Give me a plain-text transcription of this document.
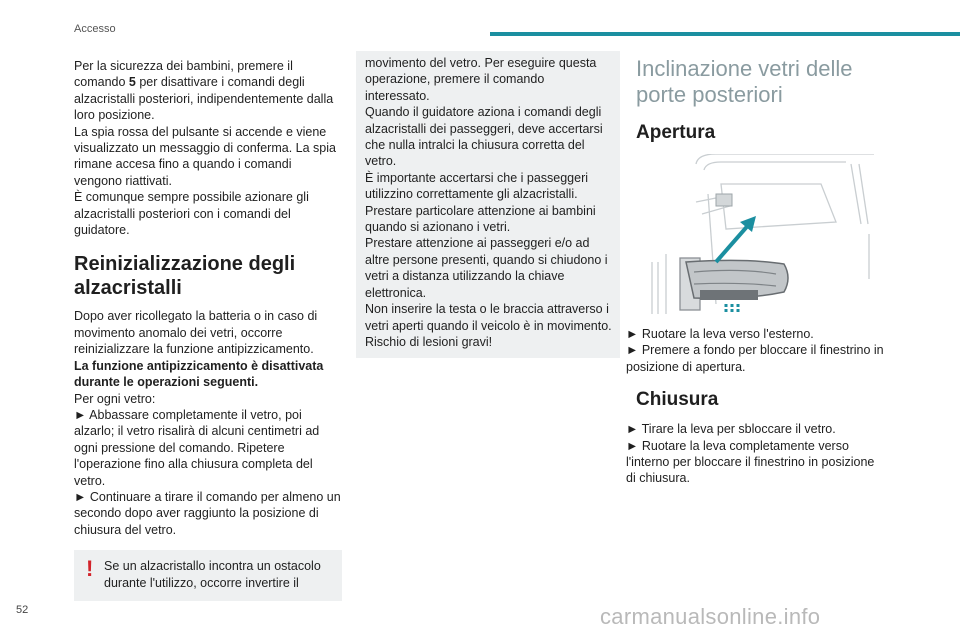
Accesso

Per la sicurezza dei bambini, premere il comando 5 per disattivare i comandi degli alzacristalli posteriori, indipendentemente dalla loro posizione.

La spia rossa del pulsante si accende e viene visualizzato un messaggio di conferma. La spia rimane accesa fino a quando i comandi vengono riattivati.

È comunque sempre possibile azionare gli alzacristalli posteriori con i comandi del guidatore.

Reinizializzazione degli alzacristalli

Dopo aver ricollegato la batteria o in caso di movimento anomalo dei vetri, occorre reinizializzare la funzione antipizzicamento.

La funzione antipizzicamento è disattivata durante le operazioni seguenti.

Per ogni vetro:

► Abbassare completamente il vetro, poi alzarlo; il vetro risalirà di alcuni centimetri ad ogni pressione del comando. Ripetere l'operazione fino alla chiusura completa del vetro.

► Continuare a tirare il comando per almeno un secondo dopo aver raggiunto la posizione di chiusura del vetro.

! Se un alzacristallo incontra un ostacolo durante l'utilizzo, occorre invertire il

movimento del vetro. Per eseguire questa operazione, premere il comando interessato.

Quando il guidatore aziona i comandi degli alzacristalli dei passeggeri, deve accertarsi che nulla intralci la chiusura corretta del vetro.

È importante accertarsi che i passeggeri utilizzino correttamente gli alzacristalli.

Prestare particolare attenzione ai bambini quando si azionano i vetri.

Prestare attenzione ai passeggeri e/o ad altre persone presenti, quando si chiudono i vetri a distanza utilizzando la chiave elettronica.

Non inserire la testa o le braccia attraverso i vetri aperti quando il veicolo è in movimento. Rischio di lesioni gravi!

Inclinazione vetri delle porte posteriori
Apertura

► Ruotare la leva verso l'esterno.

► Premere a fondo per bloccare il finestrino in posizione di apertura.

Chiusura

► Tirare la leva per sbloccare il vetro.

► Ruotare la leva completamente verso l'interno per bloccare il finestrino in posizione di chiusura.

52	carmanualsonline.info
